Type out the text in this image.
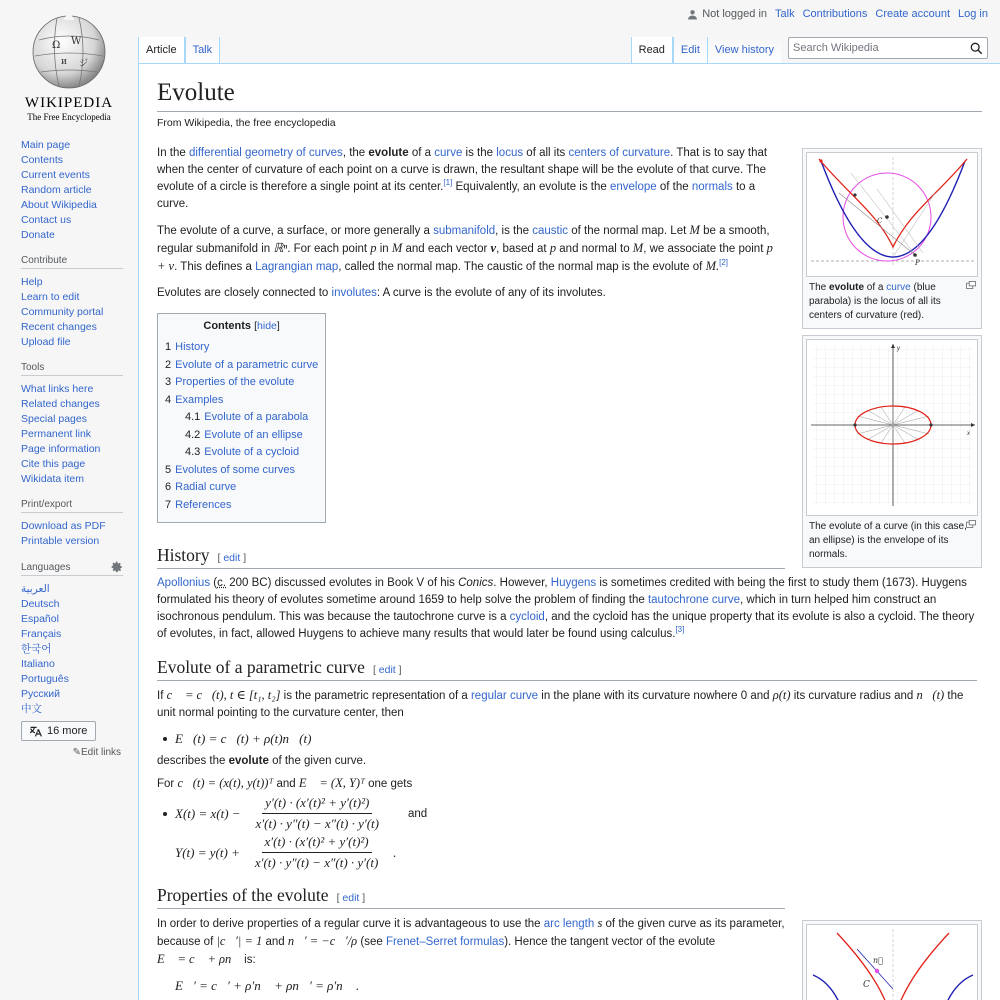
Not logged in Talk Contributions Create account Log in
Ω W
и ジ
WIKIPEDIA
The Free Encyclopedia
Main page
Contents
Current events
Random article
About Wikipedia
Contact us
Donate
Contribute
Help
Learn to edit
Community portal
Recent changes
Upload file
Tools
What links here
Related changes
Special pages
Permanent link
Page information
Cite this page
Wikidata item
Print/export
Download as PDF
Printable version
Languages
العربية
Deutsch
Español
Français
한국어
Italiano
Português
Русский
中文
16 more
✎Edit links
Article Talk	Read Edit View history Search Wikipedia
Evolute
From Wikipedia, the free encyclopedia

In the differential geometry of curves, the evolute of a curve is the locus of all its centers of curvature. That is to say that when the center of curvature of each point on a curve is drawn, the resultant shape will be the evolute of that curve. The evolute of a circle is therefore a single point at its center.[1] Equivalently, an evolute is the envelope of the normals to a curve.

The evolute of a curve, a surface, or more generally a submanifold, is the caustic of the normal map. Let M be a smooth, regular submanifold in ℝⁿ. For each point p in M and each vector v, based at p and normal to M, we associate the point p + v. This defines a Lagrangian map, called the normal map. The caustic of the normal map is the evolute of M.[2]

Evolutes are closely connected to involutes: A curve is the evolute of any of its involutes.

Contents [hide]
1 History
2 Evolute of a parametric curve
3 Properties of the evolute
4 Examples
4.1 Evolute of a parabola
4.2 Evolute of an ellipse
4.3 Evolute of a cycloid
5 Evolutes of some curves
6 Radial curve
7 References
History [ edit ]

Apollonius (c. 200 BC) discussed evolutes in Book V of his Conics. However, Huygens is sometimes credited with being the first to study them (1673). Huygens formulated his theory of evolutes sometime around 1659 to help solve the problem of finding the tautochrone curve, which in turn helped him construct an isochronous pendulum. This was because the tautochrone curve is a cycloid, and the cycloid has the unique property that its evolute is also a cycloid. The theory of evolutes, in fact, allowed Huygens to achieve many results that would later be found using calculus.[3]

Evolute of a parametric curve [ edit ]

If c⃗ = c⃗(t), t ∈ [t₁, t₂] is the parametric representation of a regular curve in the plane with its curvature nowhere 0 and ρ(t) its curvature radius and n⃗(t) the unit normal pointing to the curvature center, then

E⃗(t) = c⃗(t) + ρ(t)n⃗(t)

describes the evolute of the given curve.

For c⃗(t) = (x(t), y(t))ᵀ and E⃗ = (X, Y)ᵀ one gets

$X(t) = x(t) - \frac{\text{y′(t) · (x′(t)² + y′(t)²)}}{x'(t) \cdot y''(t) - x''(t) \cdot y'(t)}$ and
$Y(t) = y(t) + \frac{\text{x′(t) · (x′(t)² + y′(t)²)}}{x'(t) \cdot y''(t) - x''(t) \cdot y'(t)}$ .
Properties of the evolute [ edit ]

In order to derive properties of a regular curve it is advantageous to use the arc length s of the given curve as its parameter, because of |c⃗′| = 1 and n⃗′ = −c⃗′/ρ (see Frenet–Serret formulas). Hence the tangent vector of the evolute
E⃗ = c⃗ + ρn⃗ is:

E⃗′ = c⃗′ + ρ′n⃗ + ρn⃗′ = ρ′n⃗ .
C
P
The evolute of a curve (blue parabola) is the locus of all its centers of curvature (red).
x
y
The evolute of a curve (in this case, an ellipse) is the envelope of its normals.
n⃗
C
